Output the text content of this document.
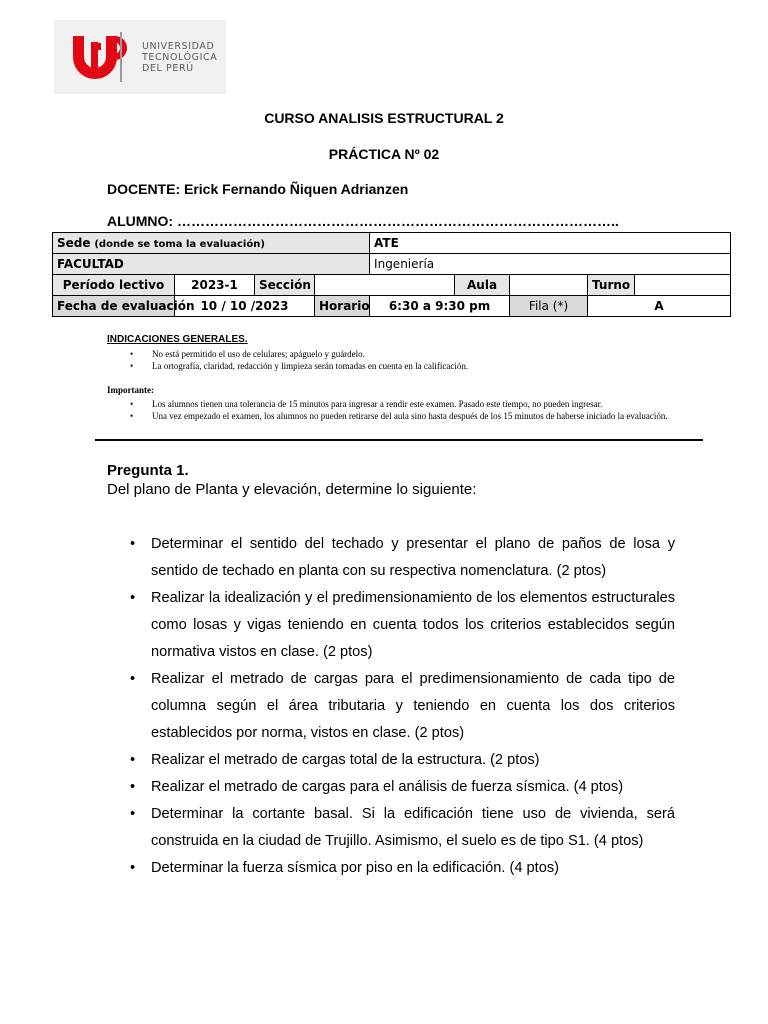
UNIVERSIDAD
TECNOLÓGICA
DEL PERÚ
CURSO ANALISIS ESTRUCTURAL 2
PRÁCTICA Nº 02
DOCENTE: Erick Fernando Ñiquen Adrianzen
ALUMNO: …………………………………………………………………………………..
Sede (donde se toma la evaluación)				ATE				
FACULTAD				Ingeniería				
Período lectivo	2023-1	Sección			Aula		Turno	
Fecha de evaluación	10 / 10 /2023		Horario	6:30 a 9:30 pm		Fila (*)	A	
INDICACIONES GENERALES.
• No está permitido el uso de celulares; apáguelo y guárdelo.
• La ortografía, claridad, redacción y limpieza serán tomadas en cuenta en la calificación.
Importante:
• Los alumnos tienen una tolerancia de 15 minutos para ingresar a rendir este examen. Pasado este tiempo, no pueden ingresar.
• Una vez empezado el examen, los alumnos no pueden retirarse del aula sino hasta después de los 15 minutos de haberse iniciado la evaluación.
Pregunta 1.
Del plano de Planta y elevación, determine lo siguiente:
• Determinar el sentido del techado y presentar el plano de paños de losa y sentido de techado en planta con su respectiva nomenclatura. (2 ptos)
• Realizar la idealización y el predimensionamiento de los elementos estructurales como losas y vigas teniendo en cuenta todos los criterios establecidos según normativa vistos en clase. (2 ptos)
• Realizar el metrado de cargas para el predimensionamiento de cada tipo de columna según el área tributaria y teniendo en cuenta los dos criterios establecidos por norma, vistos en clase. (2 ptos)
• Realizar el metrado de cargas total de la estructura. (2 ptos)
• Realizar el metrado de cargas para el análisis de fuerza sísmica. (4 ptos)
• Determinar la cortante basal. Si la edificación tiene uso de vivienda, será construida en la ciudad de Trujillo. Asimismo, el suelo es de tipo S1. (4 ptos)
• Determinar la fuerza sísmica por piso en la edificación. (4 ptos)
